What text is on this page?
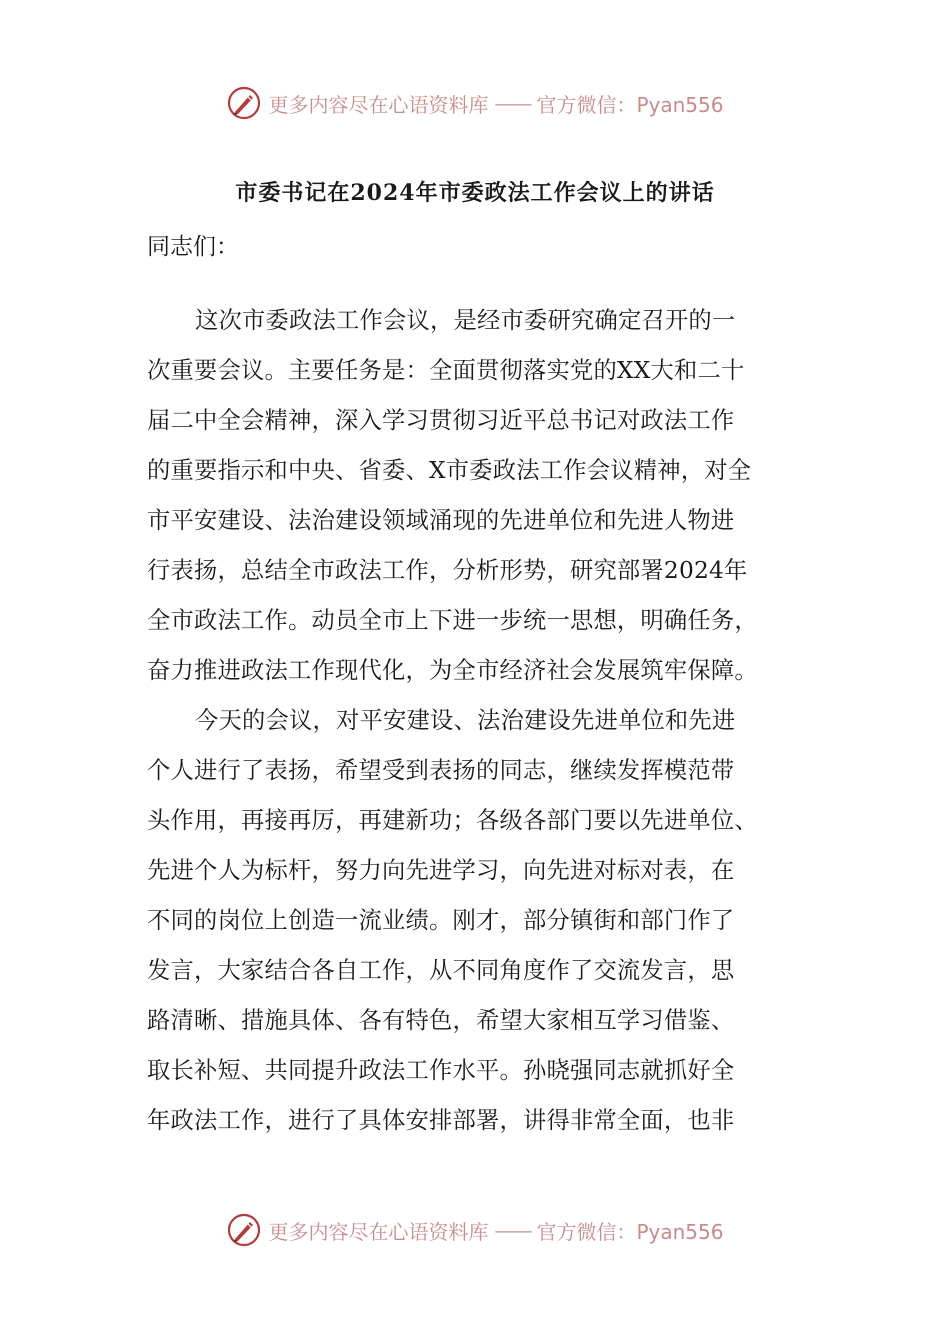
更多内容尽在心语资料库 —— 官方微信：Pyan556
市委书记在2024年市委政法工作会议上的讲话
同志们：
这次市委政法工作会议，是经市委研究确定召开的一
次重要会议。主要任务是：全面贯彻落实党的XX大和二十
届二中全会精神，深入学习贯彻习近平总书记对政法工作
的重要指示和中央、省委、X市委政法工作会议精神，对全
市平安建设、法治建设领域涌现的先进单位和先进人物进
行表扬，总结全市政法工作，分析形势，研究部署2024年
全市政法工作。动员全市上下进一步统一思想，明确任务，
奋力推进政法工作现代化，为全市经济社会发展筑牢保障。
今天的会议，对平安建设、法治建设先进单位和先进
个人进行了表扬，希望受到表扬的同志，继续发挥模范带
头作用，再接再厉，再建新功；各级各部门要以先进单位、
先进个人为标杆，努力向先进学习，向先进对标对表，在
不同的岗位上创造一流业绩。刚才，部分镇街和部门作了
发言，大家结合各自工作，从不同角度作了交流发言，思
路清晰、措施具体、各有特色，希望大家相互学习借鉴、
取长补短、共同提升政法工作水平。孙晓强同志就抓好全
年政法工作，进行了具体安排部署，讲得非常全面，也非
更多内容尽在心语资料库 —— 官方微信：Pyan556
